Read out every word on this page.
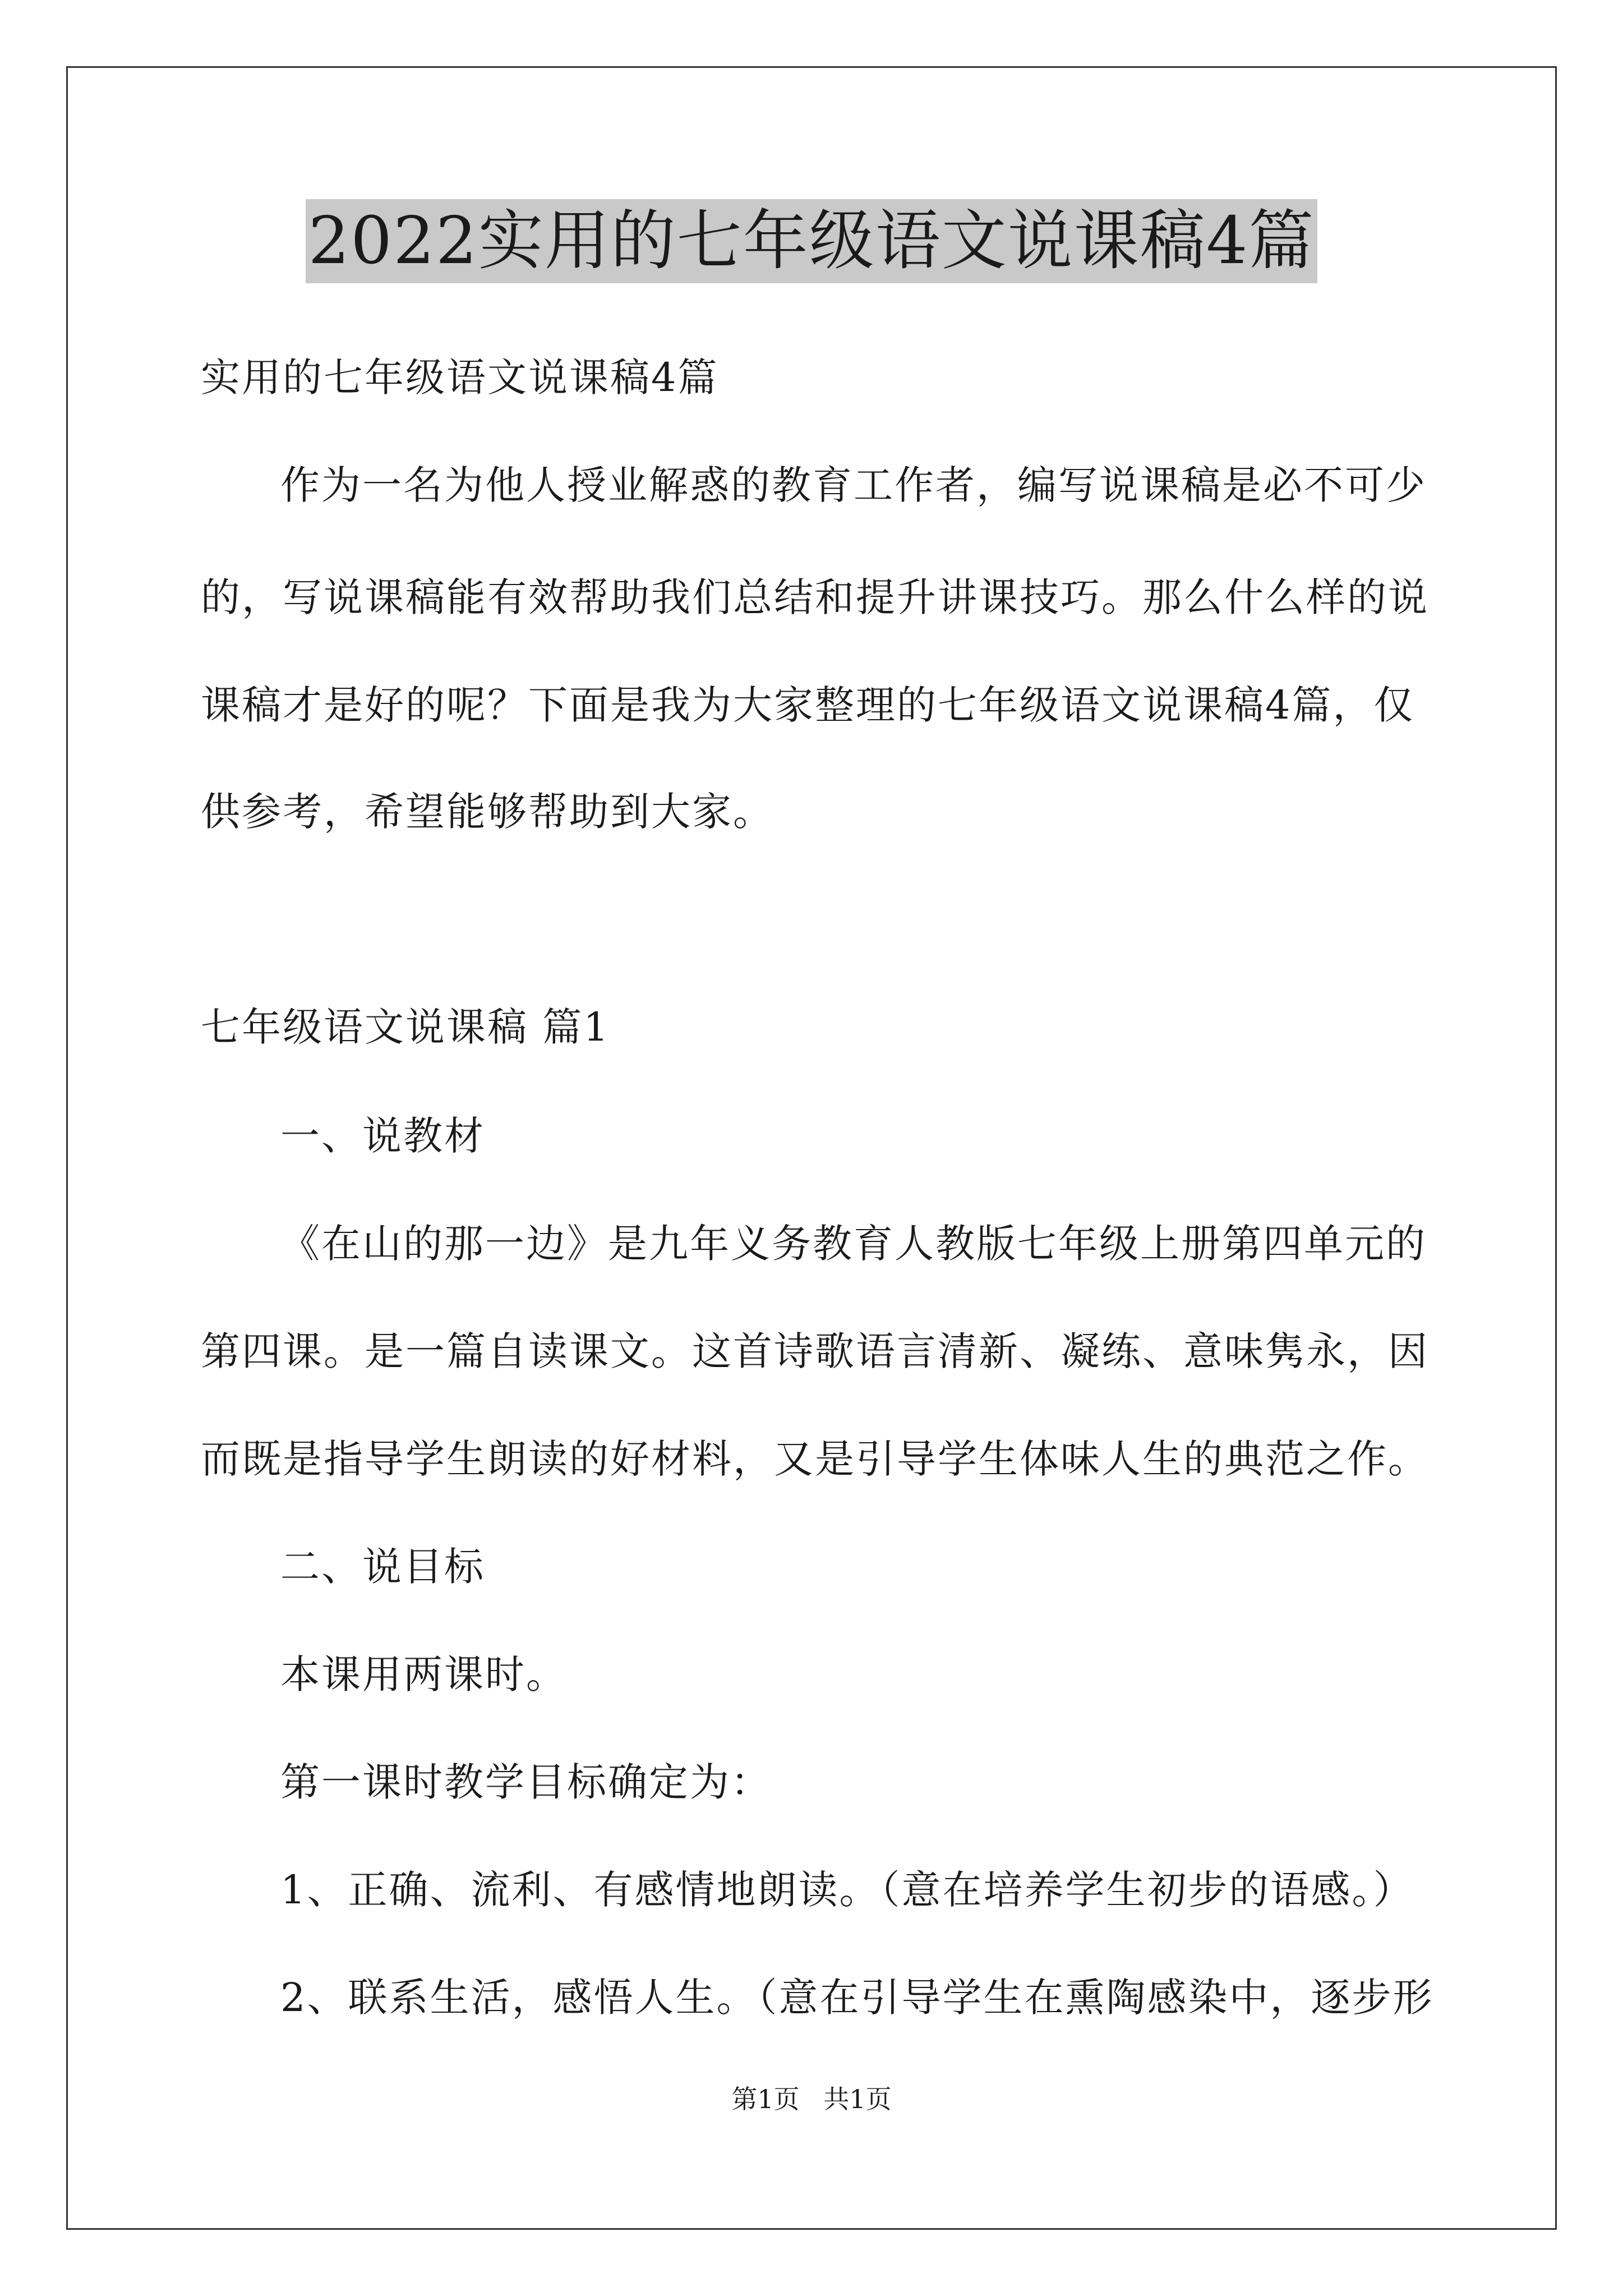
2022实用的七年级语文说课稿4篇
实用的七年级语文说课稿4篇
作为一名为他人授业解惑的教育工作者，编写说课稿是必不可少
的，写说课稿能有效帮助我们总结和提升讲课技巧。那么什么样的说
课稿才是好的呢？下面是我为大家整理的七年级语文说课稿4篇，仅
供参考，希望能够帮助到大家。
七年级语文说课稿 篇1
一、说教材
《在山的那一边》是九年义务教育人教版七年级上册第四单元的
第四课。是一篇自读课文。这首诗歌语言清新、凝练、意味隽永，因
而既是指导学生朗读的好材料，又是引导学生体味人生的典范之作。
二、说目标
本课用两课时。
第一课时教学目标确定为：
1、正确、流利、有感情地朗读。（意在培养学生初步的语感。）
2、联系生活，感悟人生。（意在引导学生在熏陶感染中，逐步形
第1页 共1页
